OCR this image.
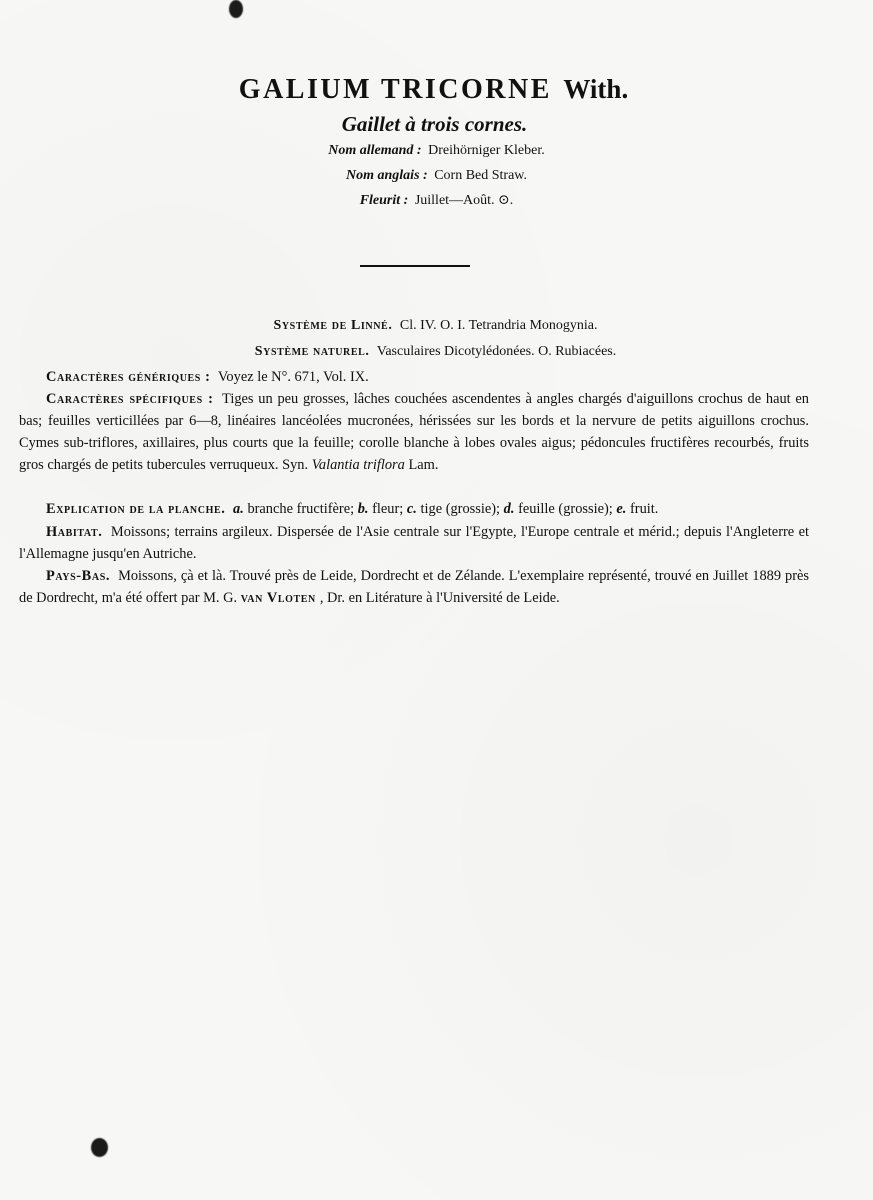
GALIUM TRICORNE With.
Gaillet à trois cornes.
Nom allemand : Dreihörniger Kleber.
Nom anglais : Corn Bed Straw.
Fleurit : Juillet—Août. ⊙.
Système de Linné. Cl. IV. O. I. Tetrandria Monogynia.
Système naturel. Vasculaires Dicotylédonées. O. Rubiacées.

Caractères génériques : Voyez le N°. 671, Vol. IX.

Caractères spécifiques : Tiges un peu grosses, lâches couchées ascendentes à angles chargés d'aiguillons crochus de haut en bas; feuilles verticillées par 6—8, linéaires lancéolées mucronées, hérissées sur les bords et la nervure de petits aiguillons crochus. Cymes sub-triflores, axillaires, plus courts que la feuille; corolle blanche à lobes ovales aigus; pédoncules fructifères recourbés, fruits gros chargés de petits tubercules verruqueux. Syn. Valantia triflora Lam.

Explication de la planche. a. branche fructifère; b. fleur; c. tige (grossie); d. feuille (grossie); e. fruit.

Habitat. Moissons; terrains argileux. Dispersée de l'Asie centrale sur l'Egypte, l'Europe centrale et mérid.; depuis l'Angleterre et l'Allemagne jusqu'en Autriche.

Pays-Bas. Moissons, çà et là. Trouvé près de Leide, Dordrecht et de Zélande. L'exemplaire représenté, trouvé en Juillet 1889 près de Dordrecht, m'a été offert par M. G. van Vloten , Dr. en Litérature à l'Université de Leide.
